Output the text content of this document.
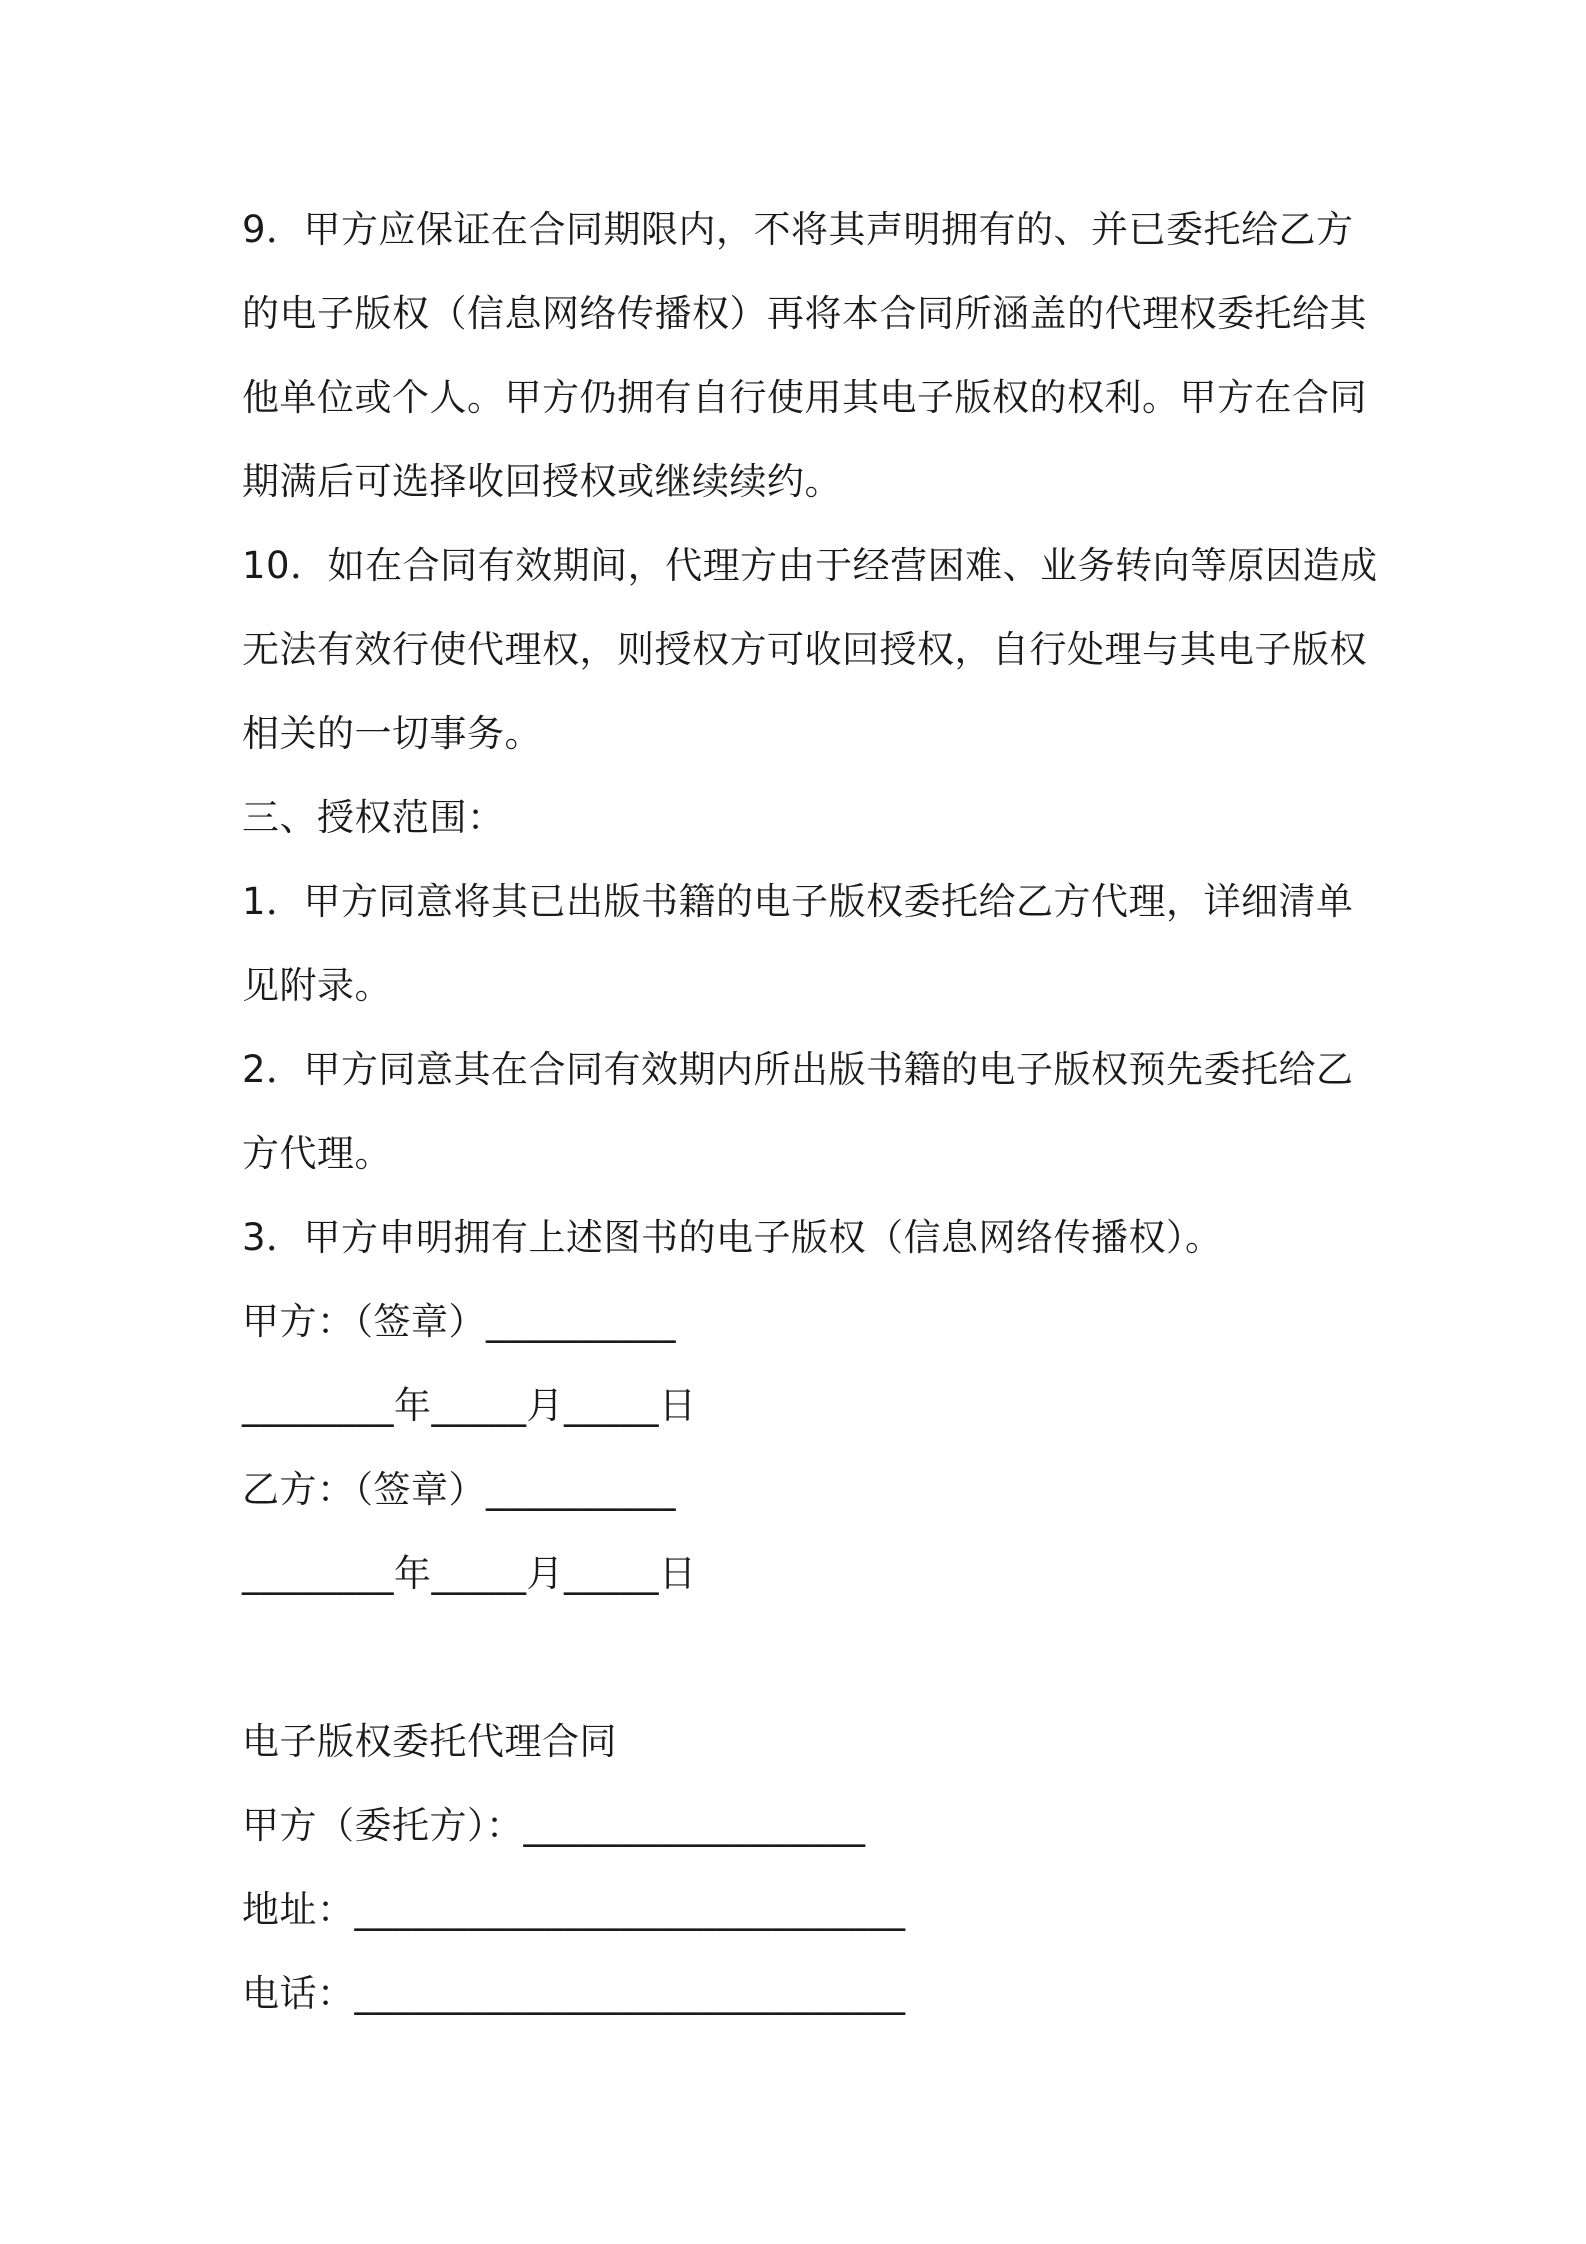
9．甲方应保证在合同期限内，不将其声明拥有的、并已委托给乙方
的电子版权（信息网络传播权）再将本合同所涵盖的代理权委托给其
他单位或个人。甲方仍拥有自行使用其电子版权的权利。甲方在合同
期满后可选择收回授权或继续续约。
10．如在合同有效期间，代理方由于经营困难、业务转向等原因造成
无法有效行使代理权，则授权方可收回授权，自行处理与其电子版权
相关的一切事务。
三、授权范围：
1．甲方同意将其已出版书籍的电子版权委托给乙方代理，详细清单
见附录。
2．甲方同意其在合同有效期内所出版书籍的电子版权预先委托给乙
方代理。
3．甲方申明拥有上述图书的电子版权（信息网络传播权）。
甲方：（签章）__________
________年_____月_____日
乙方：（签章）__________
________年_____月_____日
电子版权委托代理合同
甲方（委托方）：__________________
地址：_____________________________
电话：_____________________________
